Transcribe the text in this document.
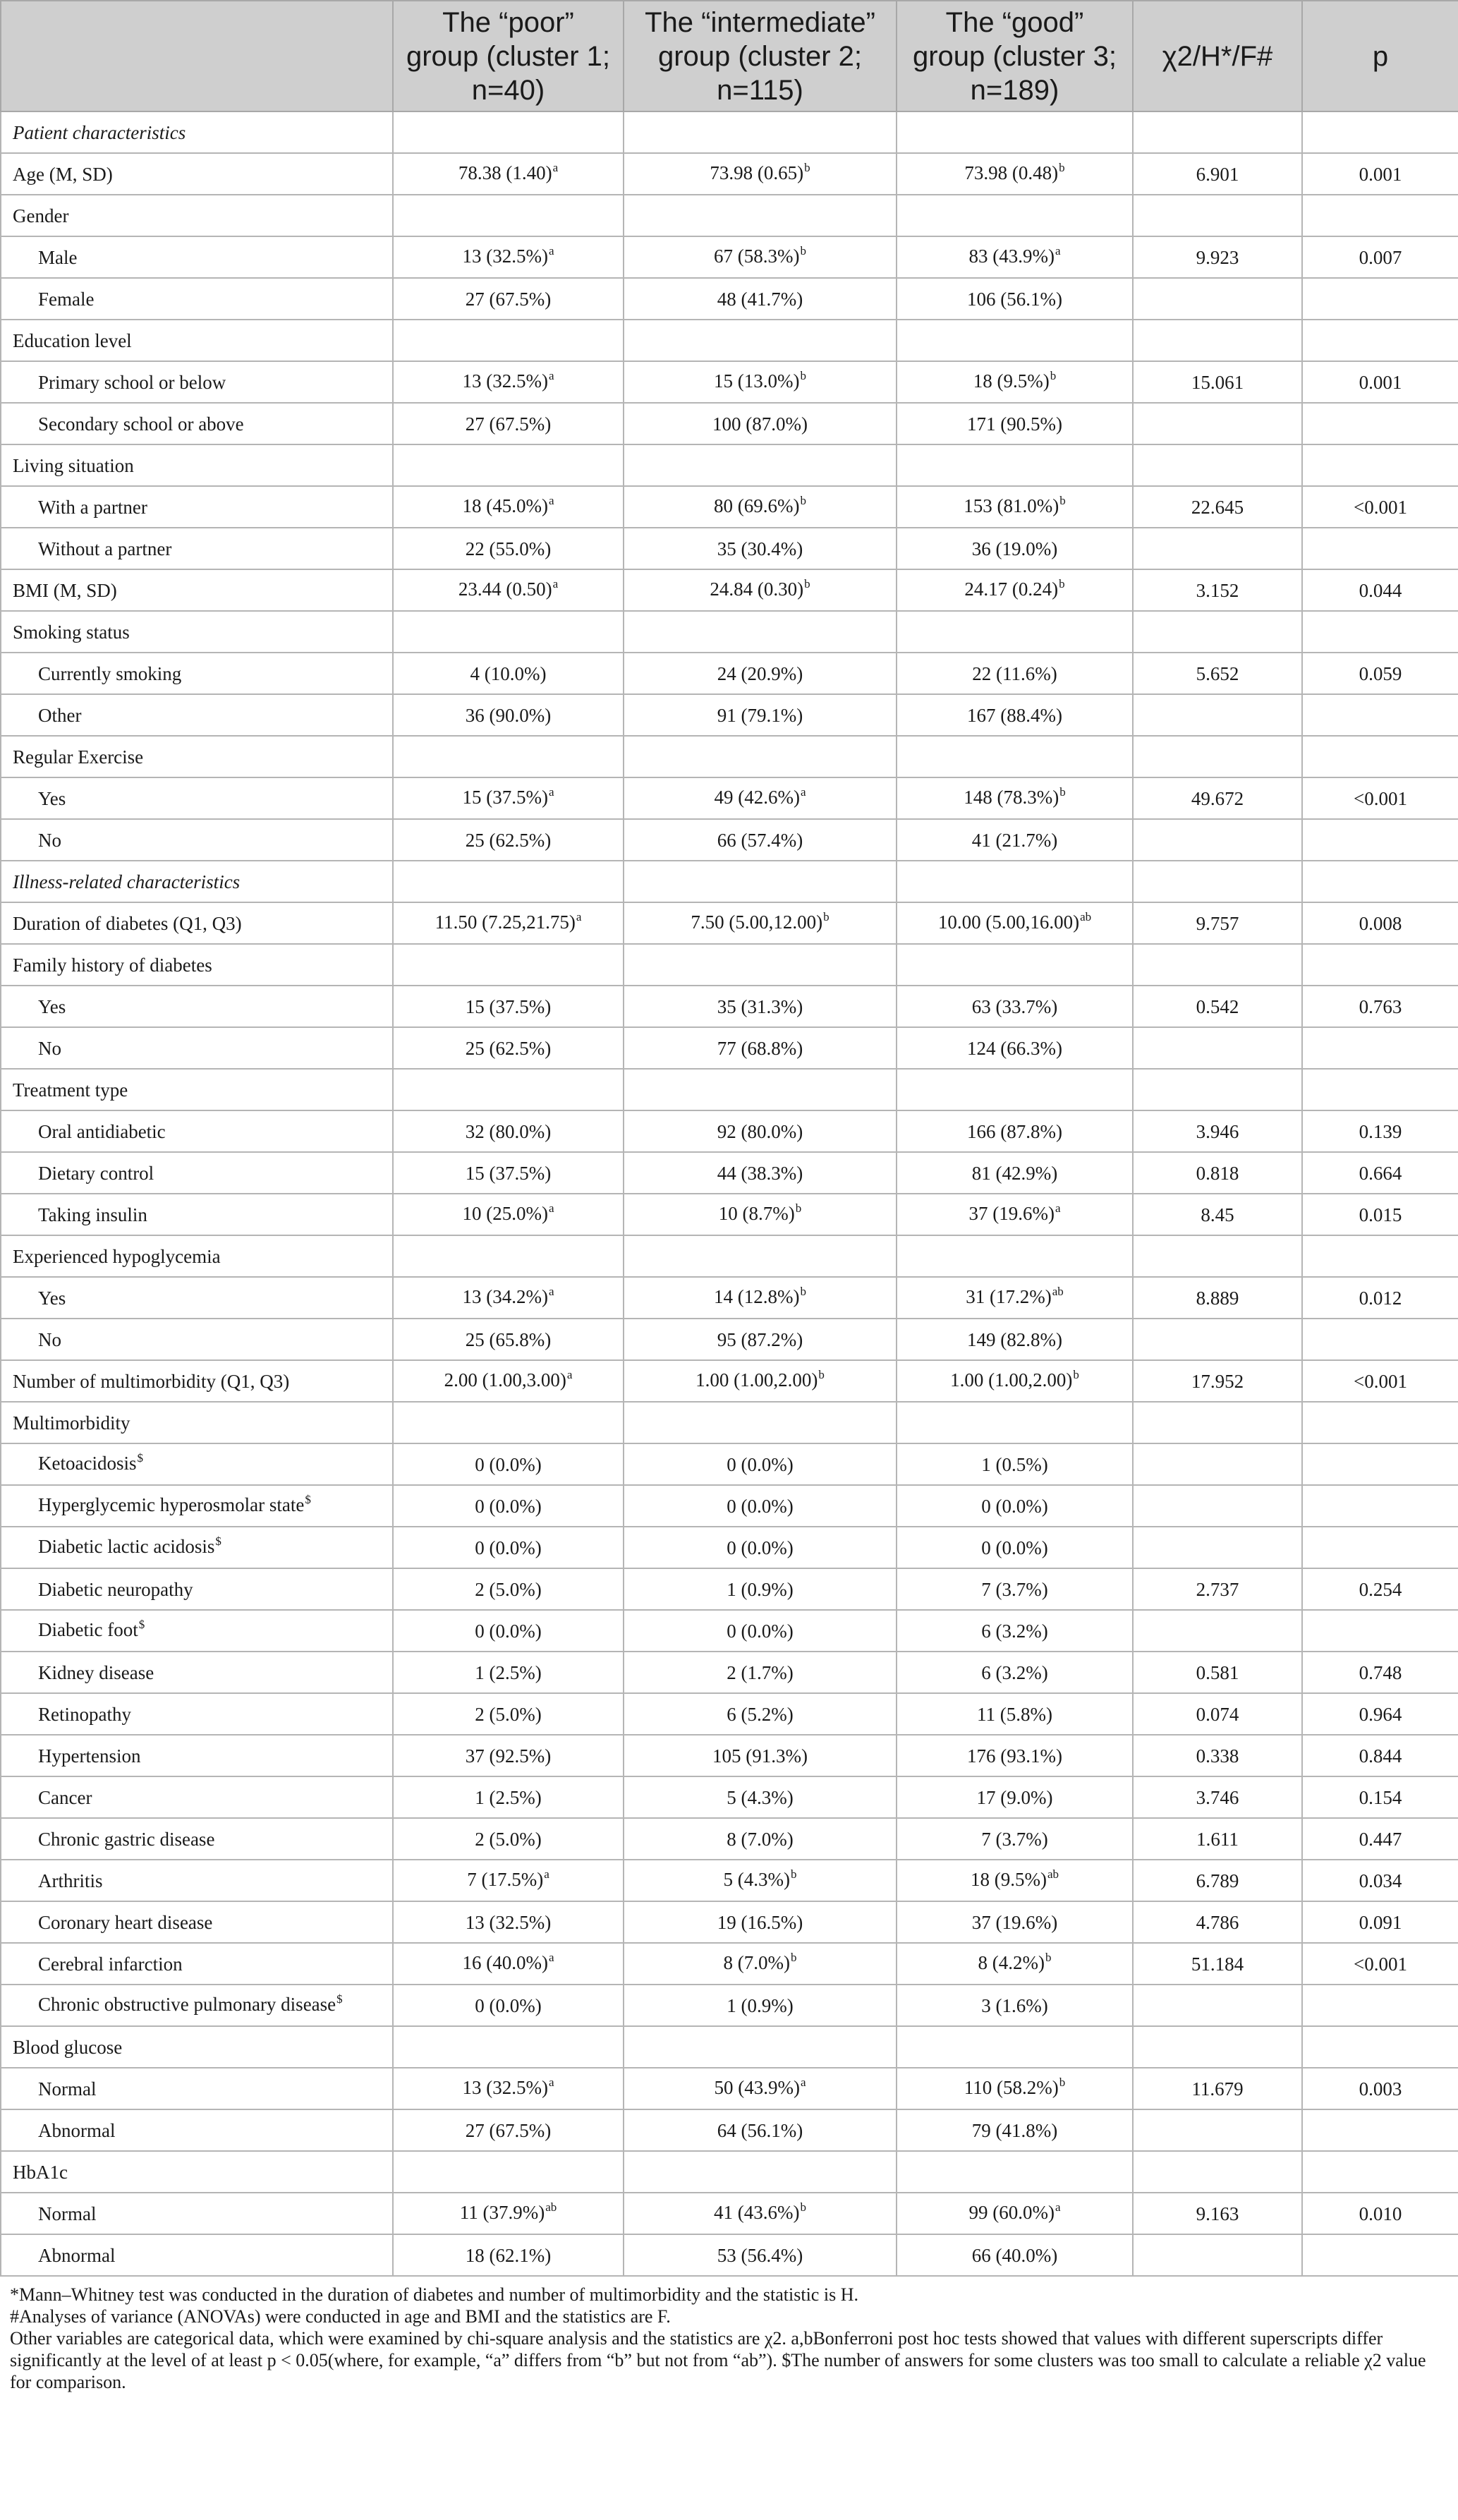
	The “poor” group (cluster 1; n=40)	The “intermediate” group (cluster 2; n=115)	The “good” group (cluster 3; n=189)	χ2/H*/F#	p
Patient characteristics					
Age (M, SD)	78.38 $(1.40)^a$	73.98 $(0.65)^b$	73.98 $(0.48)^b$	6.901	0.001
Gender					
Male	13 $(32.5\%)^a$	67 $(58.3\%)^b$	83 $(43.9\%)^a$	9.923	0.007
Female	27 (67.5%)	48 (41.7%)	106 (56.1%)		
Education level					
Primary school or below	13 $(32.5\%)^a$	15 $(13.0\%)^b$	18 $(9.5\%)^b$	15.061	0.001
Secondary school or above	27 (67.5%)	100 (87.0%)	171 (90.5%)		
Living situation					
With a partner	18 $(45.0\%)^a$	80 $(69.6\%)^b$	153 $(81.0\%)^b$	22.645	<0.001
Without a partner	22 (55.0%)	35 (30.4%)	36 (19.0%)		
BMI (M, SD)	23.44 $(0.50)^a$	24.84 $(0.30)^b$	24.17 $(0.24)^b$	3.152	0.044
Smoking status					
Currently smoking	4 (10.0%)	24 (20.9%)	22 (11.6%)	5.652	0.059
Other	36 (90.0%)	91 (79.1%)	167 (88.4%)		
Regular Exercise					
Yes	15 $(37.5\%)^a$	49 $(42.6\%)^a$	148 $(78.3\%)^b$	49.672	<0.001
No	25 (62.5%)	66 (57.4%)	41 (21.7%)		
Illness-related characteristics					
Duration of diabetes (Q1, Q3)	11.50 $(7.25,21.75)^a$	7.50 $(5.00,12.00)^b$	10.00 $(5.00,16.00)^{ab}$	9.757	0.008
Family history of diabetes					
Yes	15 (37.5%)	35 (31.3%)	63 (33.7%)	0.542	0.763
No	25 (62.5%)	77 (68.8%)	124 (66.3%)		
Treatment type					
Oral antidiabetic	32 (80.0%)	92 (80.0%)	166 (87.8%)	3.946	0.139
Dietary control	15 (37.5%)	44 (38.3%)	81 (42.9%)	0.818	0.664
Taking insulin	10 $(25.0\%)^a$	10 $(8.7\%)^b$	37 $(19.6\%)^a$	8.45	0.015
Experienced hypoglycemia					
Yes	13 $(34.2\%)^a$	14 $(12.8\%)^b$	31 $(17.2\%)^{ab}$	8.889	0.012
No	25 (65.8%)	95 (87.2%)	149 (82.8%)		
Number of multimorbidity (Q1, Q3)	2.00 $(1.00,3.00)^a$	1.00 $(1.00,2.00)^b$	1.00 $(1.00,2.00)^b$	17.952	<0.001
Multimorbidity					
Ketoacidosis$	0 (0.0%)	0 (0.0%)	1 (0.5%)		
Hyperglycemic hyperosmolar state$	0 (0.0%)	0 (0.0%)	0 (0.0%)		
Diabetic lactic acidosis$	0 (0.0%)	0 (0.0%)	0 (0.0%)		
Diabetic neuropathy	2 (5.0%)	1 (0.9%)	7 (3.7%)	2.737	0.254
Diabetic foot$	0 (0.0%)	0 (0.0%)	6 (3.2%)		
Kidney disease	1 (2.5%)	2 (1.7%)	6 (3.2%)	0.581	0.748
Retinopathy	2 (5.0%)	6 (5.2%)	11 (5.8%)	0.074	0.964
Hypertension	37 (92.5%)	105 (91.3%)	176 (93.1%)	0.338	0.844
Cancer	1 (2.5%)	5 (4.3%)	17 (9.0%)	3.746	0.154
Chronic gastric disease	2 (5.0%)	8 (7.0%)	7 (3.7%)	1.611	0.447
Arthritis	7 $(17.5\%)^a$	5 $(4.3\%)^b$	18 $(9.5\%)^{ab}$	6.789	0.034
Coronary heart disease	13 (32.5%)	19 (16.5%)	37 (19.6%)	4.786	0.091
Cerebral infarction	16 $(40.0\%)^a$	8 $(7.0\%)^b$	8 $(4.2\%)^b$	51.184	<0.001
Chronic obstructive pulmonary disease$	0 (0.0%)	1 (0.9%)	3 (1.6%)		
Blood glucose					
Normal	13 $(32.5\%)^a$	50 $(43.9\%)^a$	110 $(58.2\%)^b$	11.679	0.003
Abnormal	27 (67.5%)	64 (56.1%)	79 (41.8%)		
HbA1c					
Normal	11 $(37.9\%)^{ab}$	41 $(43.6\%)^b$	99 $(60.0\%)^a$	9.163	0.010
Abnormal	18 (62.1%)	53 (56.4%)	66 (40.0%)		

*Mann–Whitney test was conducted in the duration of diabetes and number of multimorbidity and the statistic is H.

#Analyses of variance (ANOVAs) were conducted in age and BMI and the statistics are F.

Other variables are categorical data, which were examined by chi-square analysis and the statistics are χ2. a,bBonferroni post hoc tests showed that values with different superscripts differ significantly at the level of at least p < 0.05(where, for example, “a” differs from “b” but not from “ab”). $The number of answers for some clusters was too small to calculate a reliable χ2 value for comparison.
